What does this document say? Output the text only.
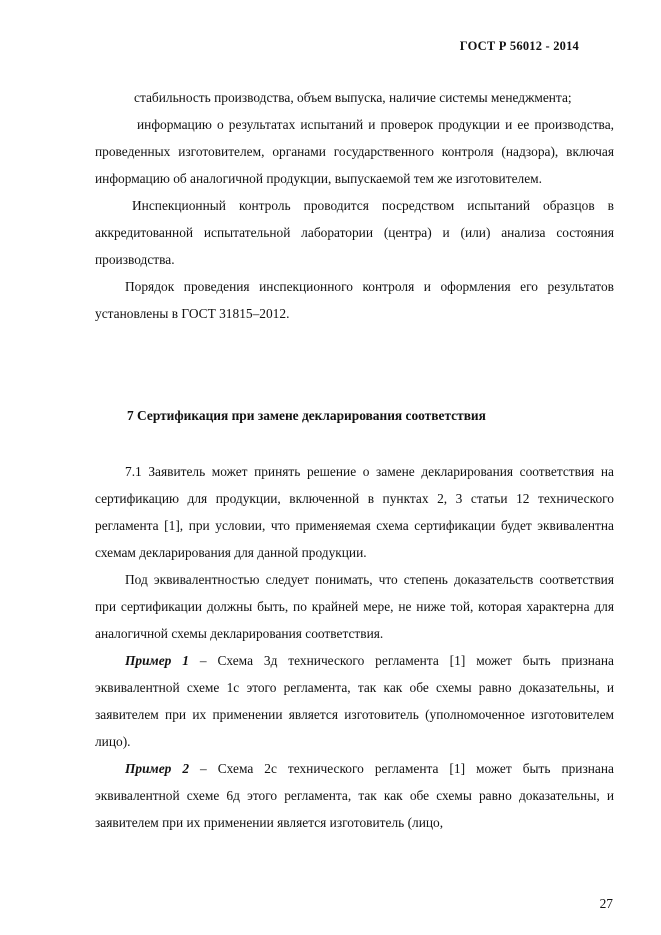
ГОСТ Р 56012 - 2014

стабильность производства, объем выпуска, наличие системы менеджмента;

информацию о результатах испытаний и проверок продукции и ее производства, проведенных изготовителем, органами государственного контроля (надзора), включая информацию об аналогичной продукции, выпускаемой тем же изготовителем.

Инспекционный контроль проводится посредством испытаний образцов в аккредитованной испытательной лаборатории (центра) и (или) анализа состояния производства.

Порядок проведения инспекционного контроля и оформления его результатов установлены в ГОСТ 31815–2012.

7 Сертификация при замене декларирования соответствия

7.1 Заявитель может принять решение о замене декларирования соответствия на сертификацию для продукции, включенной в пунктах 2, 3 статьи 12 технического регламента [1], при условии, что применяемая схема сертификации будет эквивалентна схемам декларирования для данной продукции.

Под эквивалентностью следует понимать, что степень доказательств соответствия при сертификации должны быть, по крайней мере, не ниже той, которая характерна для аналогичной схемы декларирования соответствия.

Пример 1 – Схема 3д технического регламента [1] может быть признана эквивалентной схеме 1с этого регламента, так как обе схемы равно доказательны, и заявителем при их применении является изготовитель (уполномоченное изготовителем лицо).

Пример 2 – Схема 2с технического регламента [1] может быть признана эквивалентной схеме 6д этого регламента, так как обе схемы равно доказательны, и заявителем при их применении является изготовитель (лицо,

27
